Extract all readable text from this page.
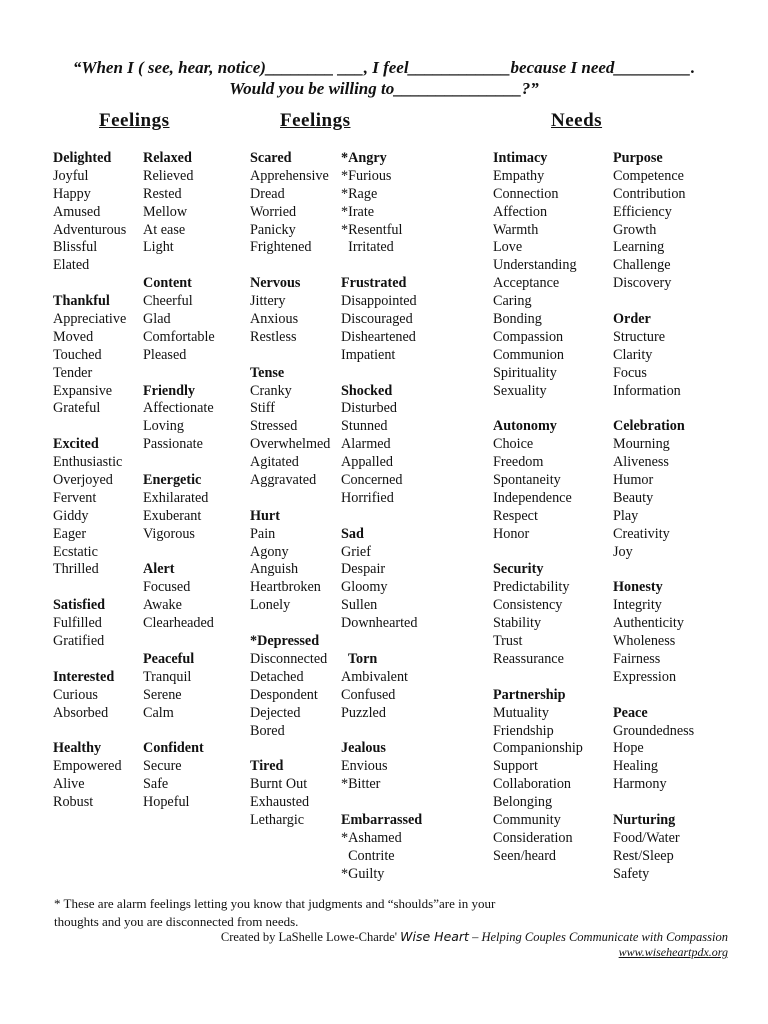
“When I ( see, hear, notice)________ ___, I feel____________because I need_________.
Would you be willing to_______________?”
Feelings	Feelings	Needs
Delighted
Joyful
Happy
Amused
Adventurous
Blissful
Elated
Thankful
Appreciative
Moved
Touched
Tender
Expansive
Grateful
Excited
Enthusiastic
Overjoyed
Fervent
Giddy
Eager
Ecstatic
Thrilled
Satisfied
Fulfilled
Gratified
Interested
Curious
Absorbed
Healthy
Empowered
Alive
Robust
Relaxed
Relieved
Rested
Mellow
At ease
Light
Content
Cheerful
Glad
Comfortable
Pleased
Friendly
Affectionate
Loving
Passionate
Energetic
Exhilarated
Exuberant
Vigorous
Alert
Focused
Awake
Clearheaded
Peaceful
Tranquil
Serene
Calm
Confident
Secure
Safe
Hopeful
Scared
Apprehensive
Dread
Worried
Panicky
Frightened
Nervous
Jittery
Anxious
Restless
Tense
Cranky
Stiff
Stressed
Overwhelmed
Agitated
Aggravated
Hurt
Pain
Agony
Anguish
Heartbroken
Lonely
*Depressed
Disconnected
Detached
Despondent
Dejected
Bored
Tired
Burnt Out
Exhausted
Lethargic
*Angry
*Furious
*Rage
*Irate
*Resentful
Irritated
Frustrated
Disappointed
Discouraged
Disheartened
Impatient
Shocked
Disturbed
Stunned
Alarmed
Appalled
Concerned
Horrified
Sad
Grief
Despair
Gloomy
Sullen
Downhearted
Torn
Ambivalent
Confused
Puzzled
Jealous
Envious
*Bitter
Embarrassed
*Ashamed
Contrite
*Guilty
Intimacy
Empathy
Connection
Affection
Warmth
Love
Understanding
Acceptance
Caring
Bonding
Compassion
Communion
Spirituality
Sexuality
Autonomy
Choice
Freedom
Spontaneity
Independence
Respect
Honor
Security
Predictability
Consistency
Stability
Trust
Reassurance
Partnership
Mutuality
Friendship
Companionship
Support
Collaboration
Belonging
Community
Consideration
Seen/heard
Purpose
Competence
Contribution
Efficiency
Growth
Learning
Challenge
Discovery
Order
Structure
Clarity
Focus
Information
Celebration
Mourning
Aliveness
Humor
Beauty
Play
Creativity
Joy
Honesty
Integrity
Authenticity
Wholeness
Fairness
Expression
Peace
Groundedness
Hope
Healing
Harmony
Nurturing
Food/Water
Rest/Sleep
Safety
* These are alarm feelings letting you know that judgments and “shoulds”are in your thoughts and you are disconnected from needs.
Created by LaShelle Lowe-Charde' Wise Heart – Helping Couples Communicate with Compassion
www.wiseheartpdx.org
